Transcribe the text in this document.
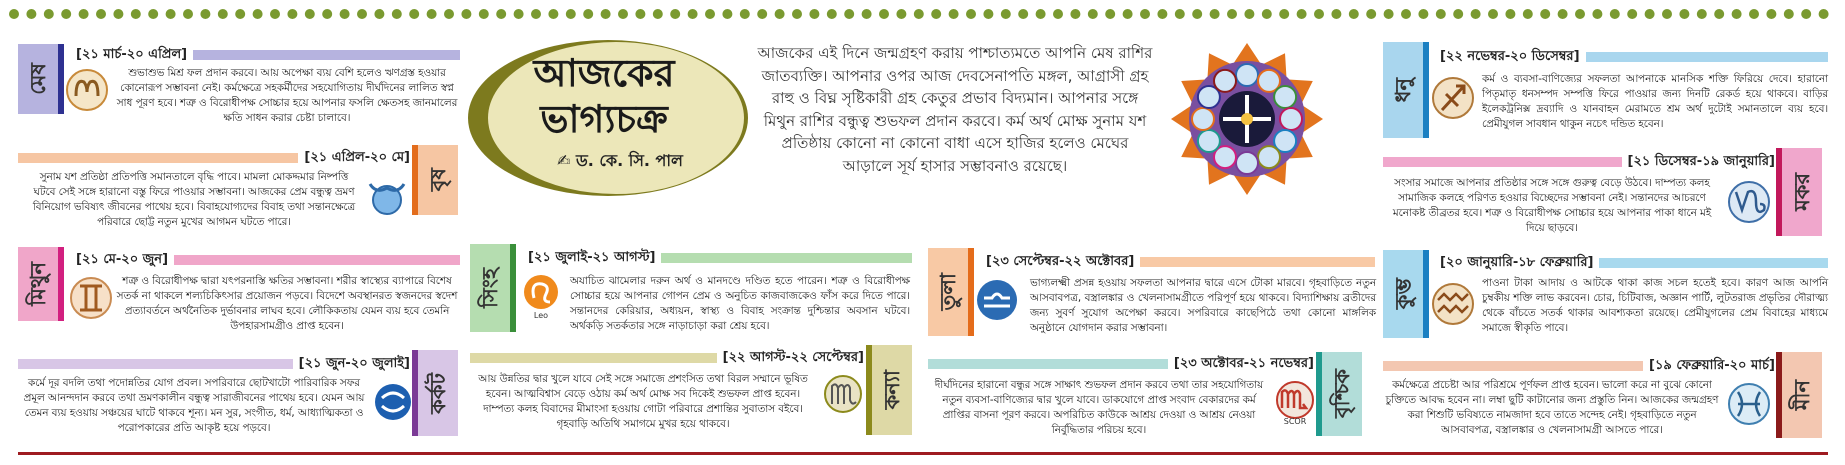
মেষ
[২১ মার্চ-২০ এপ্রিল]
শুভাশুভ মিশ্র ফল প্রদান করবে। আয় অপেক্ষা ব্যয় বেশি হলেও ঋণগ্রস্ত হওয়ার কোনোরূপ সম্ভাবনা নেই। কর্মক্ষেত্রে সহকর্মীদের সহযোগিতায় দীর্ঘদিনের লালিত স্বপ্ন সাধ পূরণ হবে। শত্রু ও বিরোধীপক্ষ সোচ্চার হয়ে আপনার ফসলি ক্ষেতসহ জানমালের ক্ষতি সাধন করার চেষ্টা চালাবে।
বৃষ
[২১ এপ্রিল-২০ মে]
সুনাম যশ প্রতিষ্ঠা প্রতিপত্তি সমানতালে বৃদ্ধি পাবে। মামলা মোকদ্দমার নিষ্পত্তি ঘটবে সেই সঙ্গে হারানো বস্তু ফিরে পাওয়ার সম্ভাবনা। আজকের প্রেম বন্ধুত্ব ভ্রমণ বিনিয়োগ ভবিষ্যৎ জীবনের পাথেয় হবে। বিবাহযোগ্যদের বিবাহ তথা সন্তানক্ষেত্রে পরিবারে ছোট্ট নতুন মুখের আগমন ঘটতে পারে।
মিথুন
[২১ মে-২০ জুন]
শত্রু ও বিরোধীপক্ষ দ্বারা যৎপরনাস্তি ক্ষতির সম্ভাবনা। শরীর স্বাস্থ্যের ব্যাপারে বিশেষ সতর্ক না থাকলে শল্যচিকিৎসার প্রয়োজন পড়বে। বিদেশে অবস্থানরত স্বজনদের স্বদেশ প্রত্যাবর্তনে অর্থনৈতিক দুর্ভাবনার লাঘব হবে। লৌকিকতায় যেমন ব্যয় হবে তেমনি উপহারসামগ্রীও প্রাপ্ত হবেন।
কর্কট
[২১ জুন-২০ জুলাই]
কর্মে দূর বদলি তথা পদোন্নতির যোগ প্রবল। সপরিবারে ছোটখাটো পারিবারিক সফর প্রমূল আনন্দদান করবে তথা ভ্রমণকালীন বন্ধুত্ব সারাজীবনের পাথেয় হবে। যেমন আয় তেমন ব্যয় হওয়ায় সঞ্চয়ের ঘাটে থাকবে শূন্য। মন সুর, সংগীত, ধর্ম, আধ্যাত্মিকতা ও পরোপকারের প্রতি আকৃষ্ট হয়ে পড়বে।
আজকের
ভাগ্যচক্র
✍ ড. কে. সি. পাল
আজকের এই দিনে জন্মগ্রহণ করায় পাশ্চাত্যমতে আপনি মেষ রাশির জাতব্যক্তি। আপনার ওপর আজ দেবসেনাপতি মঙ্গল, আগ্রাসী গ্রহ রাহু ও বিঘ্ন সৃষ্টিকারী গ্রহ কেতুর প্রভাব বিদ্যমান। আপনার সঙ্গে মিথুন রাশির বন্ধুত্ব শুভফল প্রদান করবে। কর্ম অর্থ মোক্ষ সুনাম যশ প্রতিষ্ঠায় কোনো না কোনো বাধা এসে হাজির হলেও মেঘের আড়ালে সূর্য হাসার সম্ভাবনাও রয়েছে।
সিংহ
[২১ জুলাই-২১ আগস্ট]
Leo
অযাচিত ঝামেলার দরুন অর্থ ও মানদণ্ডে দণ্ডিত হতে পারেন। শত্রু ও বিরোধীপক্ষ সোচ্চার হয়ে আপনার গোপন প্রেম ও অনুচিত কাজবাজকেও ফাঁস করে দিতে পারে। সন্তানদের কেরিয়ার, অধ্যয়ন, স্বাস্থ্য ও বিবাহ সংক্রান্ত দুশ্চিন্তার অবসান ঘটবে। অর্থকড়ি সতর্কতার সঙ্গে নাড়াচাড়া করা শ্রেয় হবে।
কন্যা
[২২ আগস্ট-২২ সেপ্টেম্বর]
আয় উন্নতির দ্বার খুলে যাবে সেই সঙ্গে সমাজে প্রশংসিত তথা বিরল সম্মানে ভূষিত হবেন। আত্মবিশ্বাস বেড়ে ওঠায় কর্ম অর্থ মোক্ষ সব দিকেই শুভফল প্রাপ্ত হবেন। দাম্পত্য কলহ বিবাদের মীমাংসা হওয়ায় গোটা পরিবারে প্রশান্তির সুবাতাস বইবে। গৃহবাড়ি অতিথি সমাগমে মুখর হয়ে থাকবে।
তুলা
[২৩ সেপ্টেম্বর-২২ অক্টোবর]
ভাগ্যলক্ষ্মী প্রসন্ন হওয়ায় সফলতা আপনার দ্বারে এসে টোকা মারবে। গৃহবাড়িতে নতুন আসবাবপত্র, বস্ত্রালঙ্কার ও খেলনাসামগ্রীতে পরিপূর্ণ হয়ে থাকবে। বিদ্যাশিক্ষায় ব্রতীদের জন্য সুবর্ণ সুযোগ অপেক্ষা করবে। সপরিবারে কাছেপিঠে তথা কোনো মাঙ্গলিক অনুষ্ঠানে যোগদান করার সম্ভাবনা।
বৃশ্চিক
[২৩ অক্টোবর-২১ নভেম্বর]
SCOR
দীর্ঘদিনের হারানো বন্ধুর সঙ্গে সাক্ষাৎ শুভফল প্রদান করবে তথা তার সহযোগিতায় নতুন ব্যবসা-বাণিজ্যের দ্বার খুলে যাবে। ডাকযোগে প্রাপ্ত সংবাদ বেকারদের কর্ম প্রাপ্তির বাসনা পূরণ করবে। অপরিচিত কাউকে আশ্রয় দেওয়া ও আশ্রয় নেওয়া নির্বুদ্ধিতার পরিচয় হবে।
ধনু
[২২ নভেম্বর-২০ ডিসেম্বর]
কর্ম ও ব্যবসা-বাণিজ্যের সফলতা আপনাকে মানসিক শক্তি ফিরিয়ে দেবে। হারানো পিতৃমাতৃ ধনসম্পদ সম্পত্তি ফিরে পাওয়ার জন্য দিনটি রেকর্ড হয়ে থাকবে। বাড়ির ইলেকট্রনিক্স দ্রব্যাদি ও যানবাহন মেরামতে শ্রম অর্থ দুটোই সমানতালে ব্যয় হবে। প্রেমীযুগল সাবধান থাকুন নচেৎ দন্ডিত হবেন।
মকর
[২১ ডিসেম্বর-১৯ জানুয়ারি]
সংসার সমাজে আপনার প্রতিষ্ঠার সঙ্গে সঙ্গে গুরুত্ব বেড়ে উঠবে। দাম্পত্য কলহ সামাজিক কলহে পরিণত হওয়ার বিচ্ছেদের সম্ভাবনা নেই। সন্তানদের আচরণে মনোকষ্ট তীব্রতর হবে। শত্রু ও বিরোধীপক্ষ সোচ্চার হয়ে আপনার পাকা ধানে মই দিয়ে ছাড়বে।
কুম্ভ
[২০ জানুয়ারি-১৮ ফেব্রুয়ারি]
পাওনা টাকা আদায় ও আটকে থাকা কাজ সচল হতেই হবে। কারণ আজ আপনি চুম্বকীয় শক্তি লাভ করবেন। চোর, চিটিবাজ, অজ্ঞান পার্টি, লুটতরাজ প্রভৃতির দৌরাত্ম্য থেকে বাঁচতে সতর্ক থাকার আবশ্যকতা রয়েছে। প্রেমীযুগলের প্রেম বিবাহের মাধ্যমে সমাজে স্বীকৃতি পাবে।
মীন
[১৯ ফেব্রুয়ারি-২০ মার্চ]
কর্মক্ষেত্রে প্রচেষ্টা আর পরিশ্রমে পূর্ণফল প্রাপ্ত হবেন। ভালো করে না বুঝে কোনো চুক্তিতে আবদ্ধ হবেন না। লম্বা ছুটি কাটানোর জন্য প্রস্তুতি নিন। আজকের জন্মগ্রহণ করা শিশুটি ভবিষ্যতে নামজাদা হবে তাতে সন্দেহ নেই। গৃহবাড়িতে নতুন আসবাবপত্র, বস্ত্রালঙ্কার ও খেলনাসামগ্রী আসতে পারে।
